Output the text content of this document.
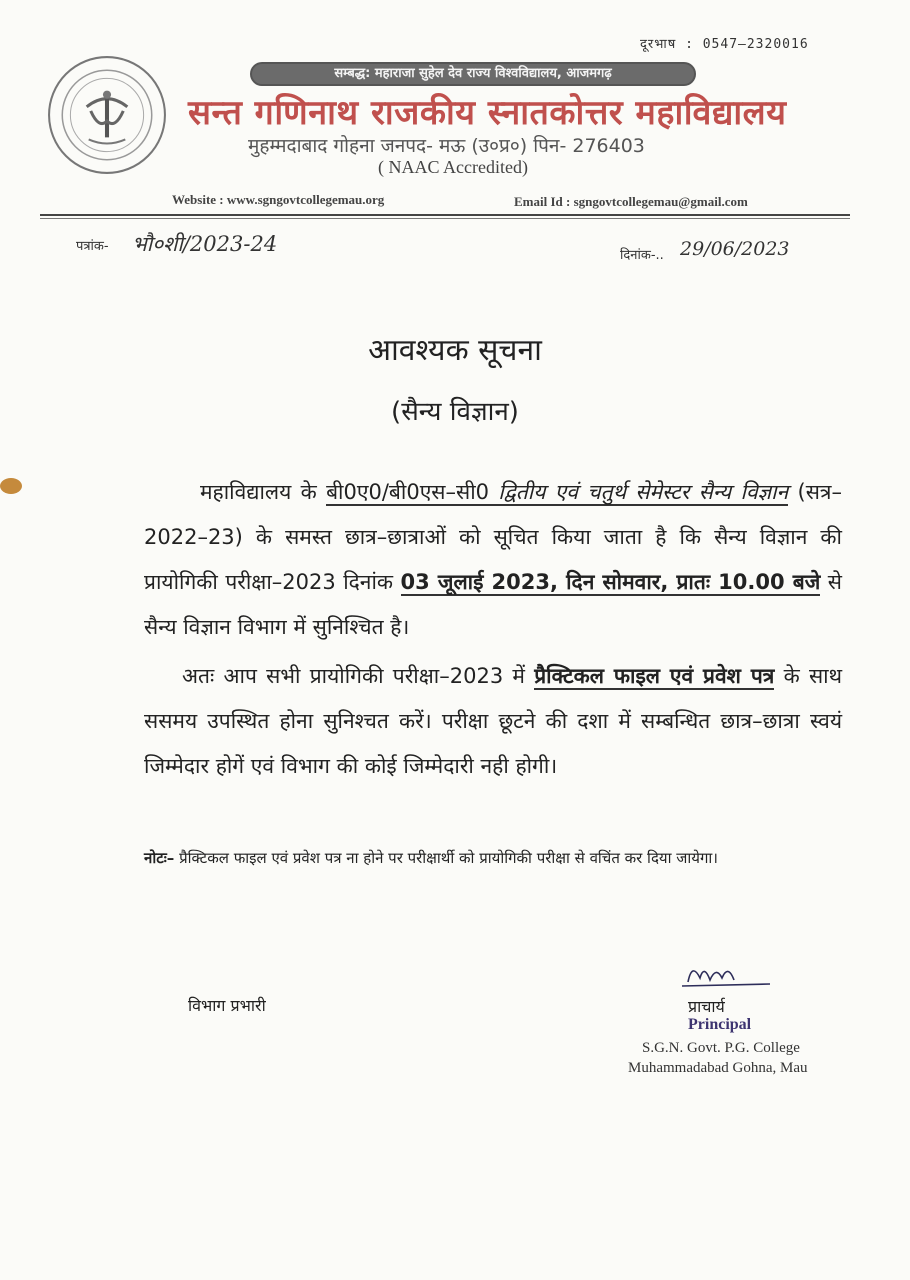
दूरभाष : 0547–2320016
सम्बद्ध: महाराजा सुहेल देव राज्य विश्वविद्यालय, आजमगढ़
सन्त गणिनाथ राजकीय स्नातकोत्तर महाविद्यालय
मुहम्मदाबाद गोहना जनपद- मऊ (उ०प्र०) पिन- 276403
( NAAC Accredited)
Website : www.sgngovtcollegemau.org	Email Id : sgngovtcollegemau@gmail.com
पत्रांक- भौ०शी/2023-24	दिनांक-.. 29/06/2023
आवश्यक सूचना
(सैन्य विज्ञान)
महाविद्यालय के बी0ए0/बी0एस–सी0 द्वितीय एवं चतुर्थ सेमेस्टर सैन्य विज्ञान (सत्र–2022–23) के समस्त छात्र–छात्राओं को सूचित किया जाता है कि सैन्य विज्ञान की प्रायोगिकी परीक्षा–2023 दिनांक 03 जूलाई 2023, दिन सोमवार, प्रातः 10.00 बजे से सैन्य विज्ञान विभाग में सुनिश्चित है।
अतः आप सभी प्रायोगिकी परीक्षा–2023 में प्रैक्टिकल फाइल एवं प्रवेश पत्र के साथ ससमय उपस्थित होना सुनिश्चत करें। परीक्षा छूटने की दशा में सम्बन्धित छात्र–छात्रा स्वयं जिम्मेदार होगें एवं विभाग की कोई जिम्मेदारी नही होगी।
नोटः– प्रैक्टिकल फाइल एवं प्रवेश पत्र ना होने पर परीक्षार्थी को प्रायोगिकी परीक्षा से वचिंत कर दिया जायेगा।
विभाग प्रभारी	प्राचार्य
Principal
S.G.N. Govt. P.G. College
Muhammadabad Gohna, Mau
